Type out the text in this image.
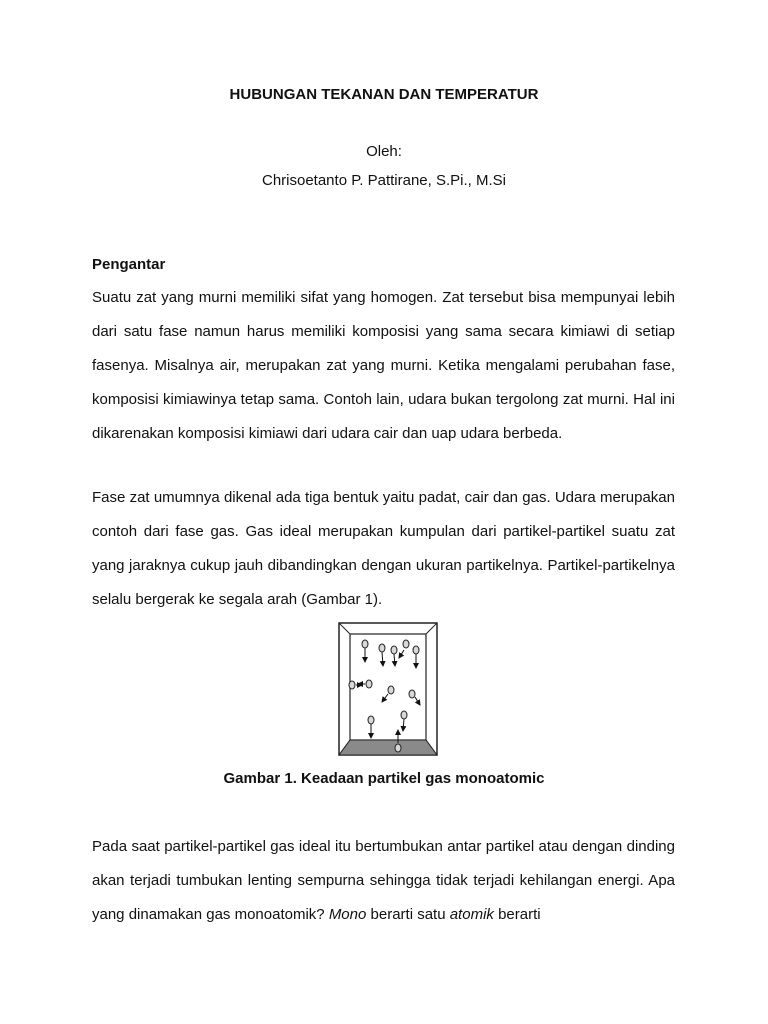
HUBUNGAN TEKANAN DAN TEMPERATUR
Oleh:
Chrisoetanto P. Pattirane, S.Pi., M.Si
Pengantar

Suatu zat yang murni memiliki sifat yang homogen. Zat tersebut bisa mempunyai lebih dari satu fase namun harus memiliki komposisi yang sama secara kimiawi di setiap fasenya. Misalnya air, merupakan zat yang murni. Ketika mengalami perubahan fase, komposisi kimiawinya tetap sama. Contoh lain, udara bukan tergolong zat murni. Hal ini dikarenakan komposisi kimiawi dari udara cair dan uap udara berbeda.

Fase zat umumnya dikenal ada tiga bentuk yaitu padat, cair dan gas. Udara merupakan contoh dari fase gas. Gas ideal merupakan kumpulan dari partikel-partikel suatu zat yang jaraknya cukup jauh dibandingkan dengan ukuran partikelnya. Partikel-partikelnya selalu bergerak ke segala arah (Gambar 1).

Gambar 1. Keadaan partikel gas monoatomic

Pada saat partikel-partikel gas ideal itu bertumbukan antar partikel atau dengan dinding akan terjadi tumbukan lenting sempurna sehingga tidak terjadi kehilangan energi. Apa yang dinamakan gas monoatomik? Mono berarti satu atomik berarti
